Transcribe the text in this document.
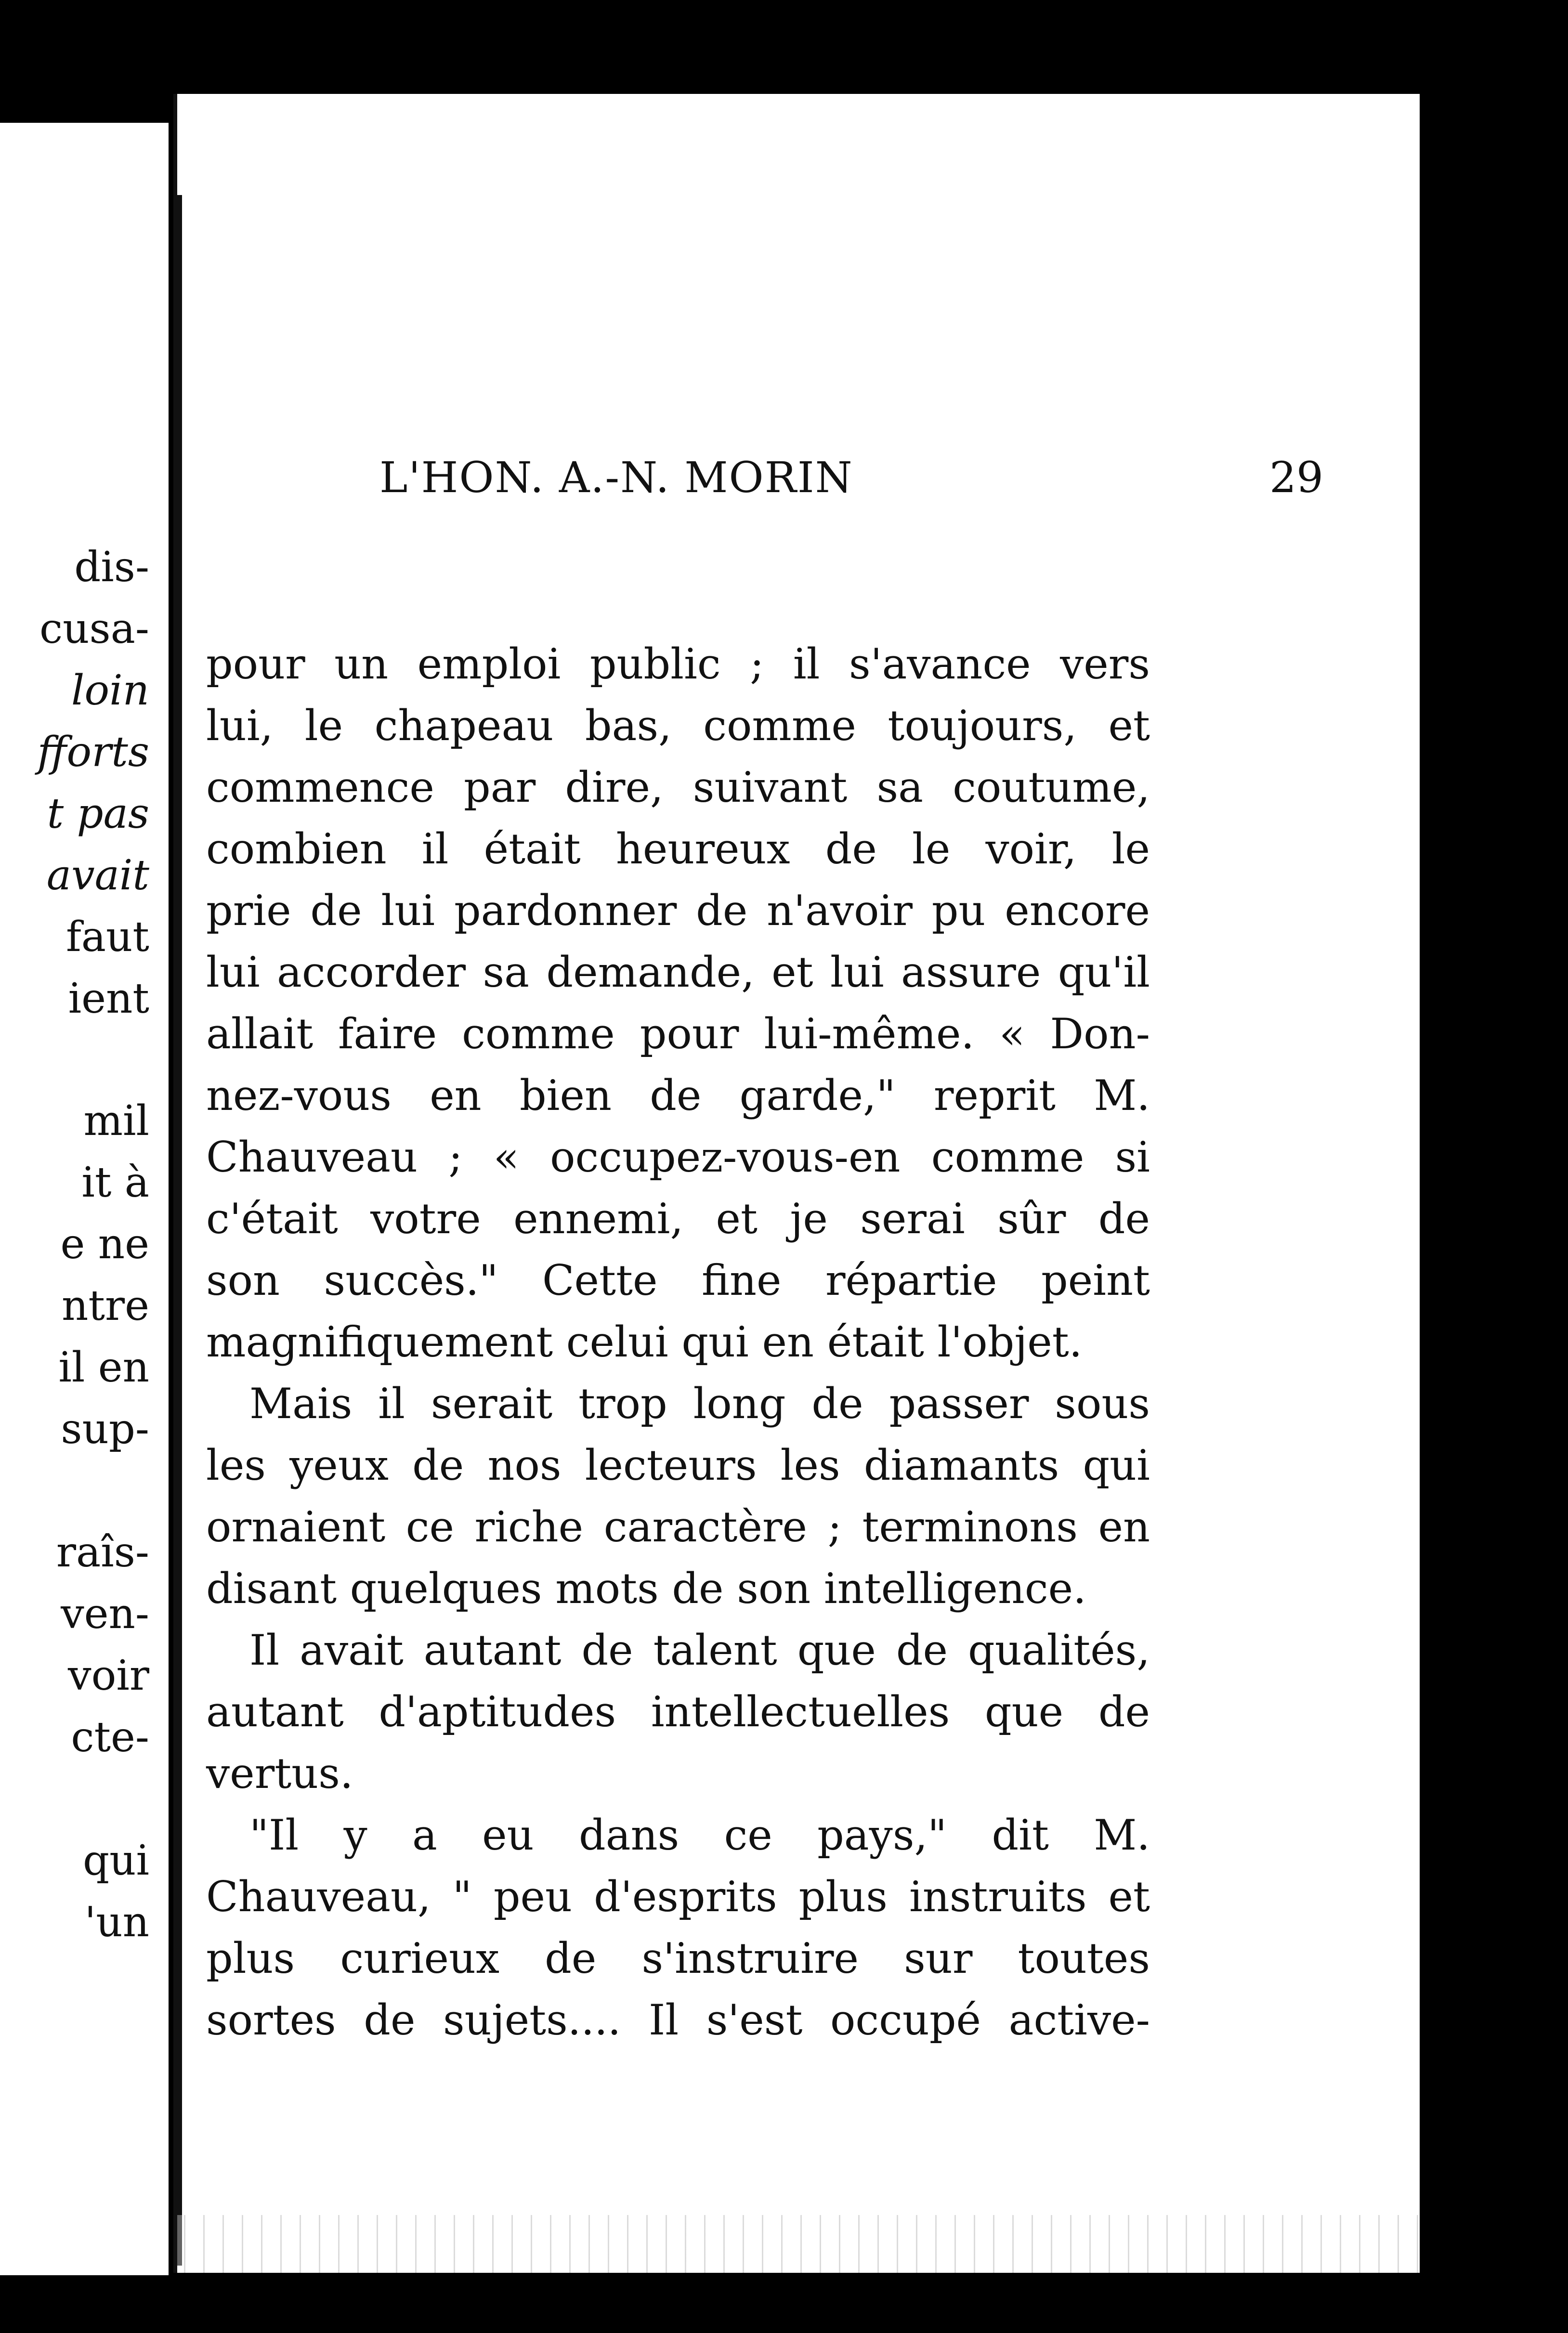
dis-
cusa-
loin
fforts
t pas
avait
faut
ient
mil
it à
e ne
ntre
il en
sup-
raîs-
ven-
voir
cte-
qui
'un
L'HON. A.-N. MORIN	29

pour un emploi public ; il s'avance vers

lui, le chapeau bas, comme toujours, et

commence par dire, suivant sa coutume,

combien il était heureux de le voir, le

prie de lui pardonner de n'avoir pu encore

lui accorder sa demande, et lui assure qu'il

allait faire comme pour lui-même. « Don-

nez-vous en bien de garde," reprit M.

Chauveau ; « occupez-vous-en comme si

c'était votre ennemi, et je serai sûr de

son succès." Cette fine répartie peint

magnifiquement celui qui en était l'objet.

Mais il serait trop long de passer sous

les yeux de nos lecteurs les diamants qui

ornaient ce riche caractère ; terminons en

disant quelques mots de son intelligence.

Il avait autant de talent que de qualités,

autant d'aptitudes intellectuelles que de

vertus.

"Il y a eu dans ce pays," dit M.

Chauveau, " peu d'esprits plus instruits et

plus curieux de s'instruire sur toutes

sortes de sujets.... Il s'est occupé active-
